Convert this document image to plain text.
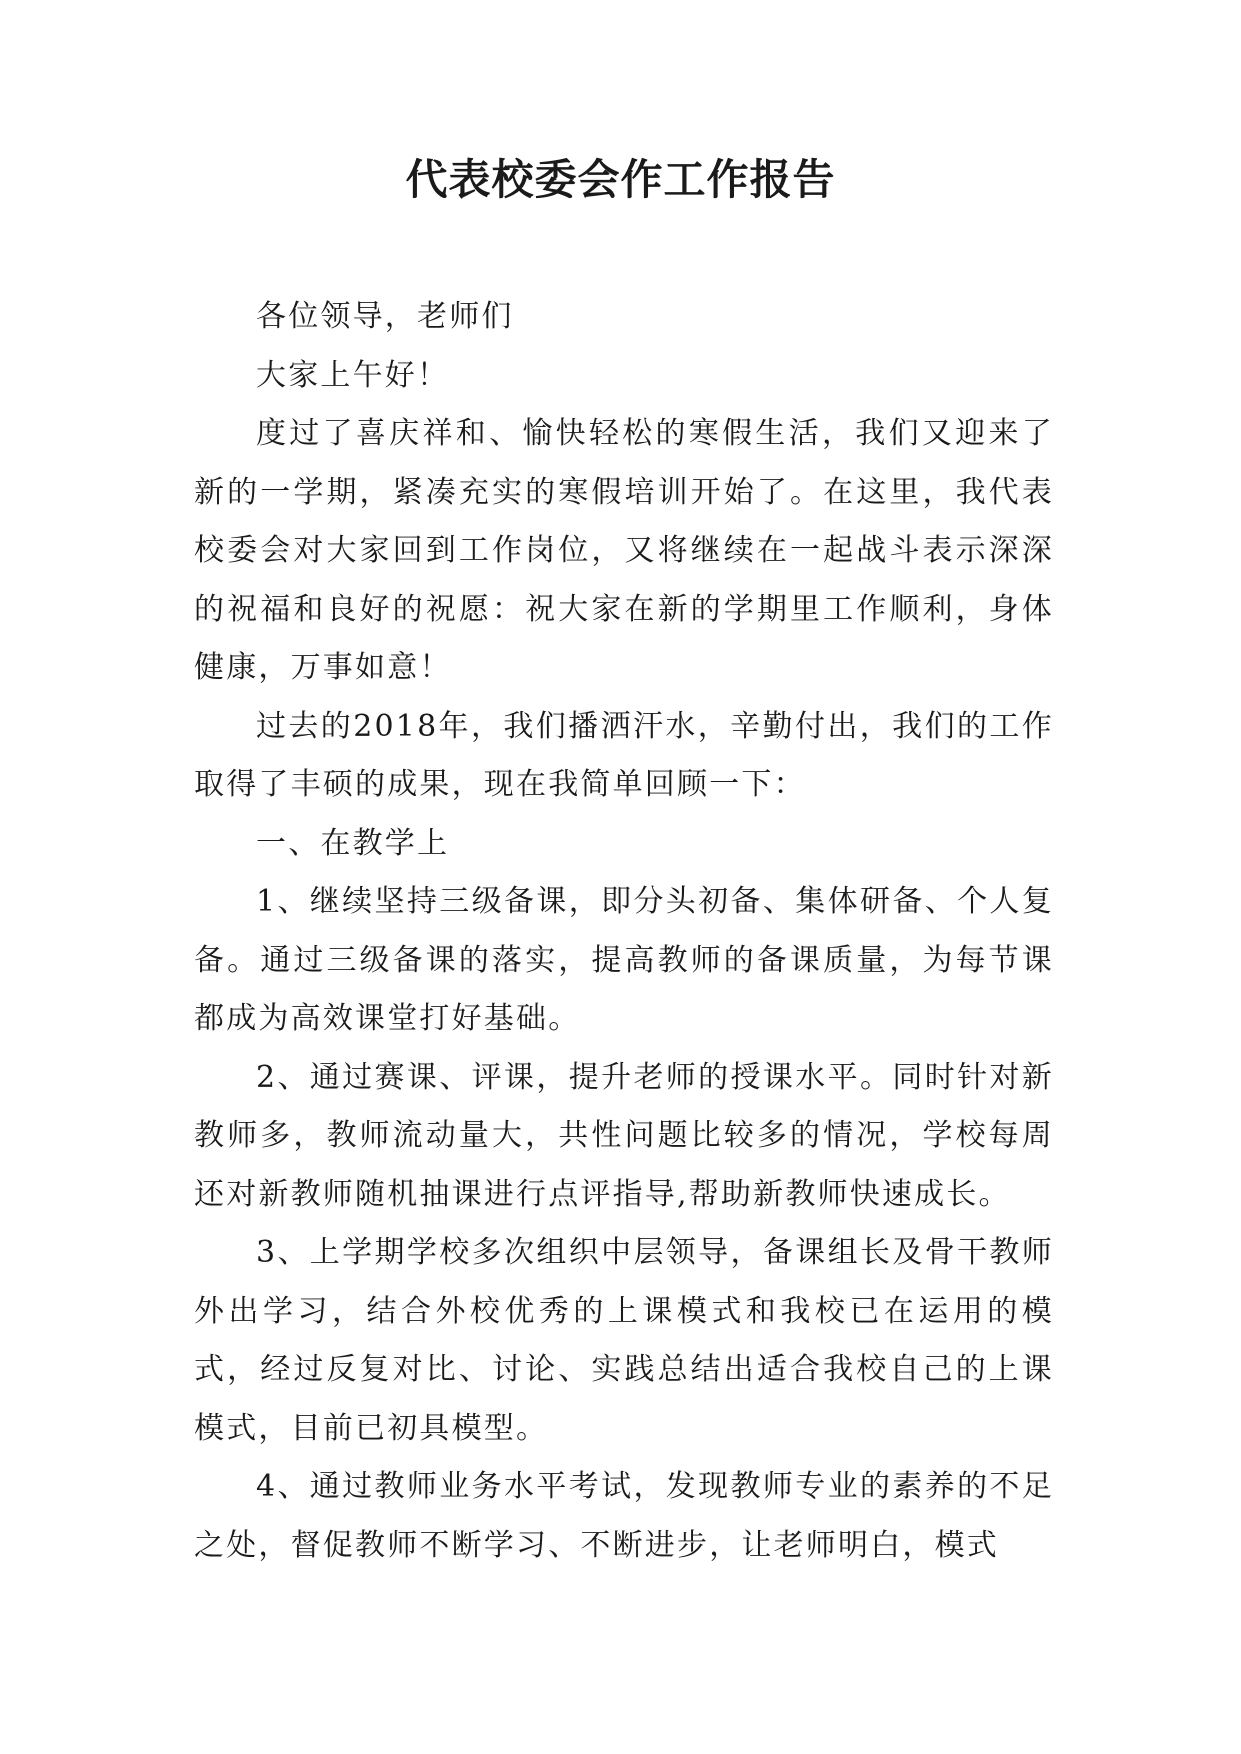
代表校委会作工作报告

各位领导，老师们

大家上午好！

度过了喜庆祥和、愉快轻松的寒假生活，我们又迎来了新的一学期，紧凑充实的寒假培训开始了。在这里，我代表校委会对大家回到工作岗位，又将继续在一起战斗表示深深的祝福和良好的祝愿：祝大家在新的学期里工作顺利，身体健康，万事如意！

过去的2018年，我们播洒汗水，辛勤付出，我们的工作取得了丰硕的成果，现在我简单回顾一下：

一、在教学上

1、继续坚持三级备课，即分头初备、集体研备、个人复备。通过三级备课的落实，提高教师的备课质量，为每节课都成为高效课堂打好基础。

2、通过赛课、评课，提升老师的授课水平。同时针对新教师多，教师流动量大，共性问题比较多的情况，学校每周还对新教师随机抽课进行点评指导,帮助新教师快速成长。

3、上学期学校多次组织中层领导，备课组长及骨干教师外出学习，结合外校优秀的上课模式和我校已在运用的模式，经过反复对比、讨论、实践总结出适合我校自己的上课模式，目前已初具模型。

4、通过教师业务水平考试，发现教师专业的素养的不足之处，督促教师不断学习、不断进步，让老师明白，模式
